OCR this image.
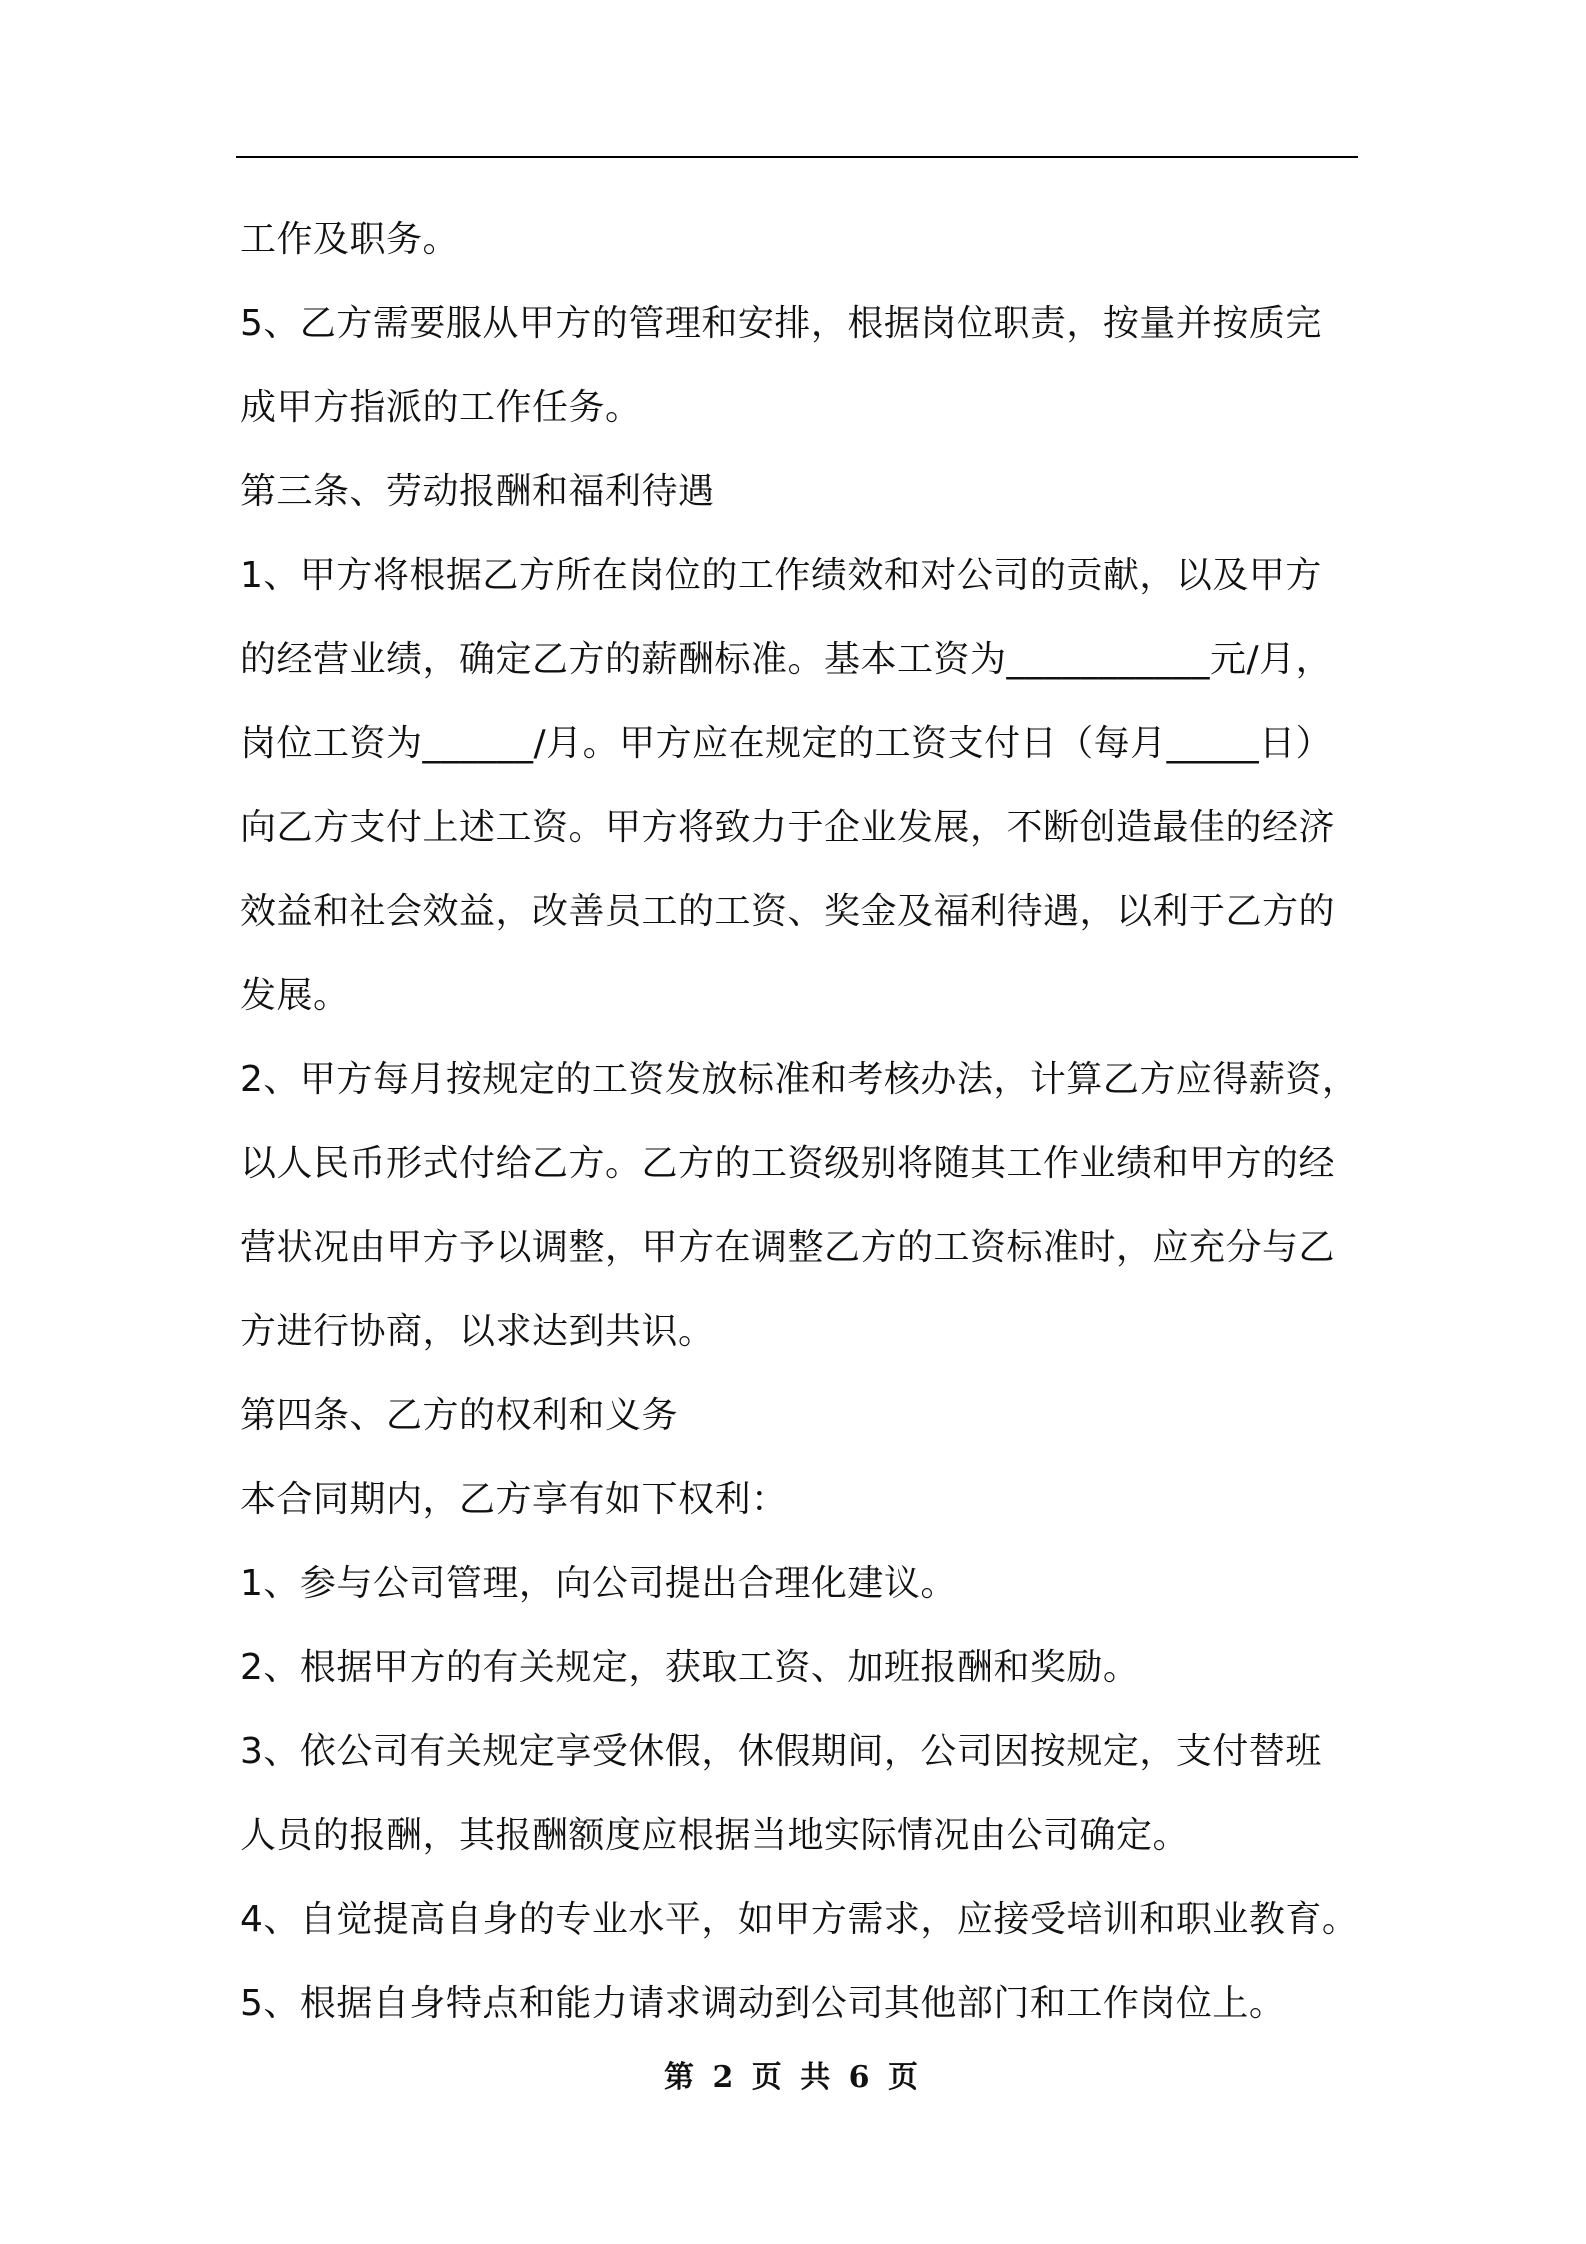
工作及职务。
5、乙方需要服从甲方的管理和安排，根据岗位职责，按量并按质完
成甲方指派的工作任务。
第三条、劳动报酬和福利待遇
1、甲方将根据乙方所在岗位的工作绩效和对公司的贡献，以及甲方
的经营业绩，确定乙方的薪酬标准。基本工资为___________元/月，
岗位工资为______/月。甲方应在规定的工资支付日（每月_____日）
向乙方支付上述工资。甲方将致力于企业发展，不断创造最佳的经济
效益和社会效益，改善员工的工资、奖金及福利待遇，以利于乙方的
发展。
2、甲方每月按规定的工资发放标准和考核办法，计算乙方应得薪资，
以人民币形式付给乙方。乙方的工资级别将随其工作业绩和甲方的经
营状况由甲方予以调整，甲方在调整乙方的工资标准时，应充分与乙
方进行协商，以求达到共识。
第四条、乙方的权利和义务
本合同期内，乙方享有如下权利：
1、参与公司管理，向公司提出合理化建议。
2、根据甲方的有关规定，获取工资、加班报酬和奖励。
3、依公司有关规定享受休假，休假期间，公司因按规定，支付替班
人员的报酬，其报酬额度应根据当地实际情况由公司确定。
4、自觉提高自身的专业水平，如甲方需求，应接受培训和职业教育。
5、根据自身特点和能力请求调动到公司其他部门和工作岗位上。
第 2 页 共 6 页
